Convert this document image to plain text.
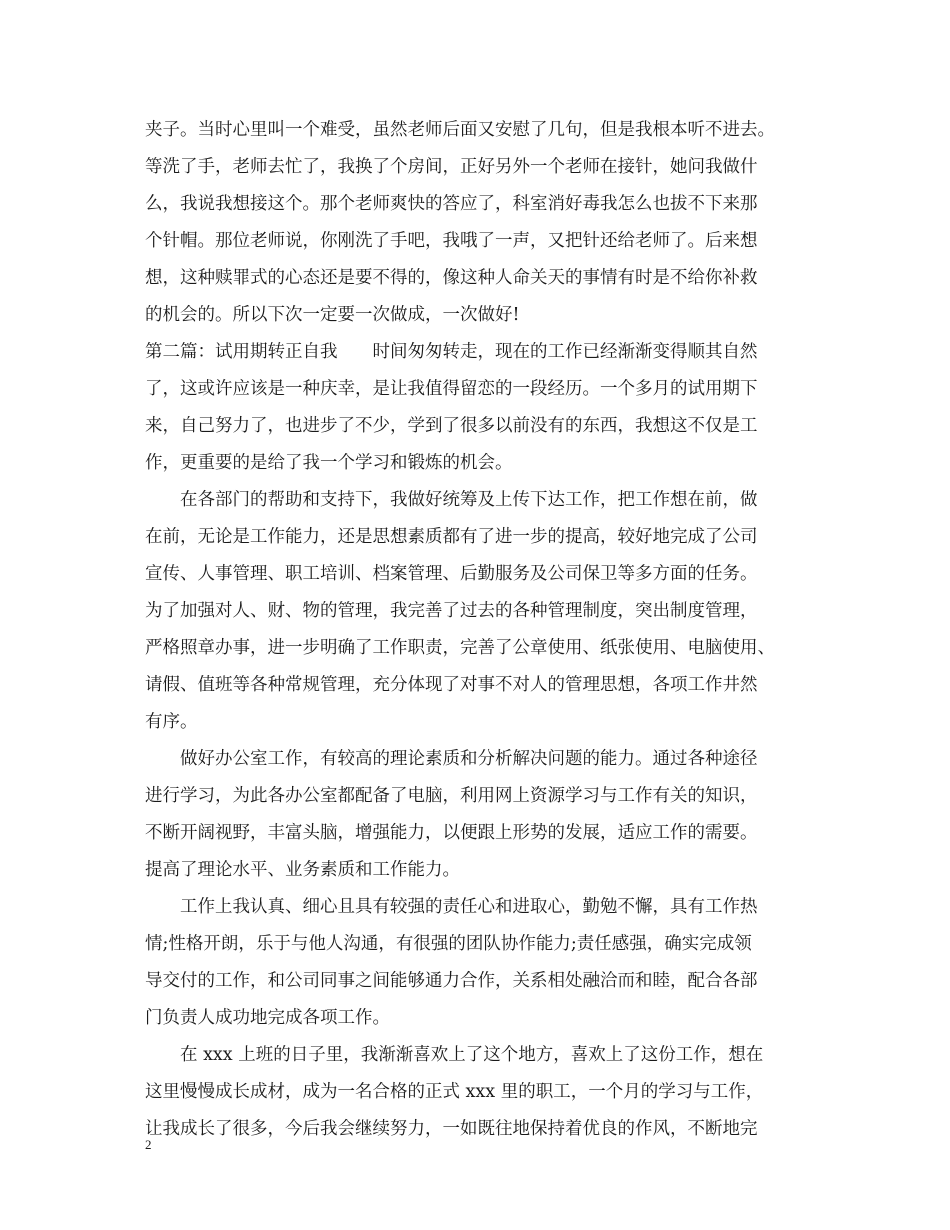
夹子。当时心里叫一个难受，虽然老师后面又安慰了几句，但是我根本听不进去。
等洗了手，老师去忙了，我换了个房间，正好另外一个老师在接针，她问我做什
么，我说我想接这个。那个老师爽快的答应了，科室消好毒我怎么也拔不下来那
个针帽。那位老师说，你刚洗了手吧，我哦了一声，又把针还给老师了。后来想
想，这种赎罪式的心态还是要不得的，像这种人命关天的事情有时是不给你补救
的机会的。所以下次一定要一次做成，一次做好!
第二篇：试用期转正自我　　时间匆匆转走，现在的工作已经渐渐变得顺其自然
了，这或许应该是一种庆幸，是让我值得留恋的一段经历。一个多月的试用期下
来，自己努力了，也进步了不少，学到了很多以前没有的东西，我想这不仅是工
作，更重要的是给了我一个学习和锻炼的机会。
　　在各部门的帮助和支持下，我做好统筹及上传下达工作，把工作想在前，做
在前，无论是工作能力，还是思想素质都有了进一步的提高，较好地完成了公司
宣传、人事管理、职工培训、档案管理、后勤服务及公司保卫等多方面的任务。
为了加强对人、财、物的管理，我完善了过去的各种管理制度，突出制度管理，
严格照章办事，进一步明确了工作职责，完善了公章使用、纸张使用、电脑使用、
请假、值班等各种常规管理，充分体现了对事不对人的管理思想，各项工作井然
有序。
　　做好办公室工作，有较高的理论素质和分析解决问题的能力。通过各种途径
进行学习，为此各办公室都配备了电脑，利用网上资源学习与工作有关的知识，
不断开阔视野，丰富头脑，增强能力，以便跟上形势的发展，适应工作的需要。
提高了理论水平、业务素质和工作能力。
　　工作上我认真、细心且具有较强的责任心和进取心，勤勉不懈，具有工作热
情;性格开朗，乐于与他人沟通，有很强的团队协作能力;责任感强，确实完成领
导交付的工作，和公司同事之间能够通力合作，关系相处融洽而和睦，配合各部
门负责人成功地完成各项工作。
　　在 xxx 上班的日子里，我渐渐喜欢上了这个地方，喜欢上了这份工作，想在
这里慢慢成长成材，成为一名合格的正式 xxx 里的职工，一个月的学习与工作，
让我成长了很多，今后我会继续努力，一如既往地保持着优良的作风，不断地完
2
